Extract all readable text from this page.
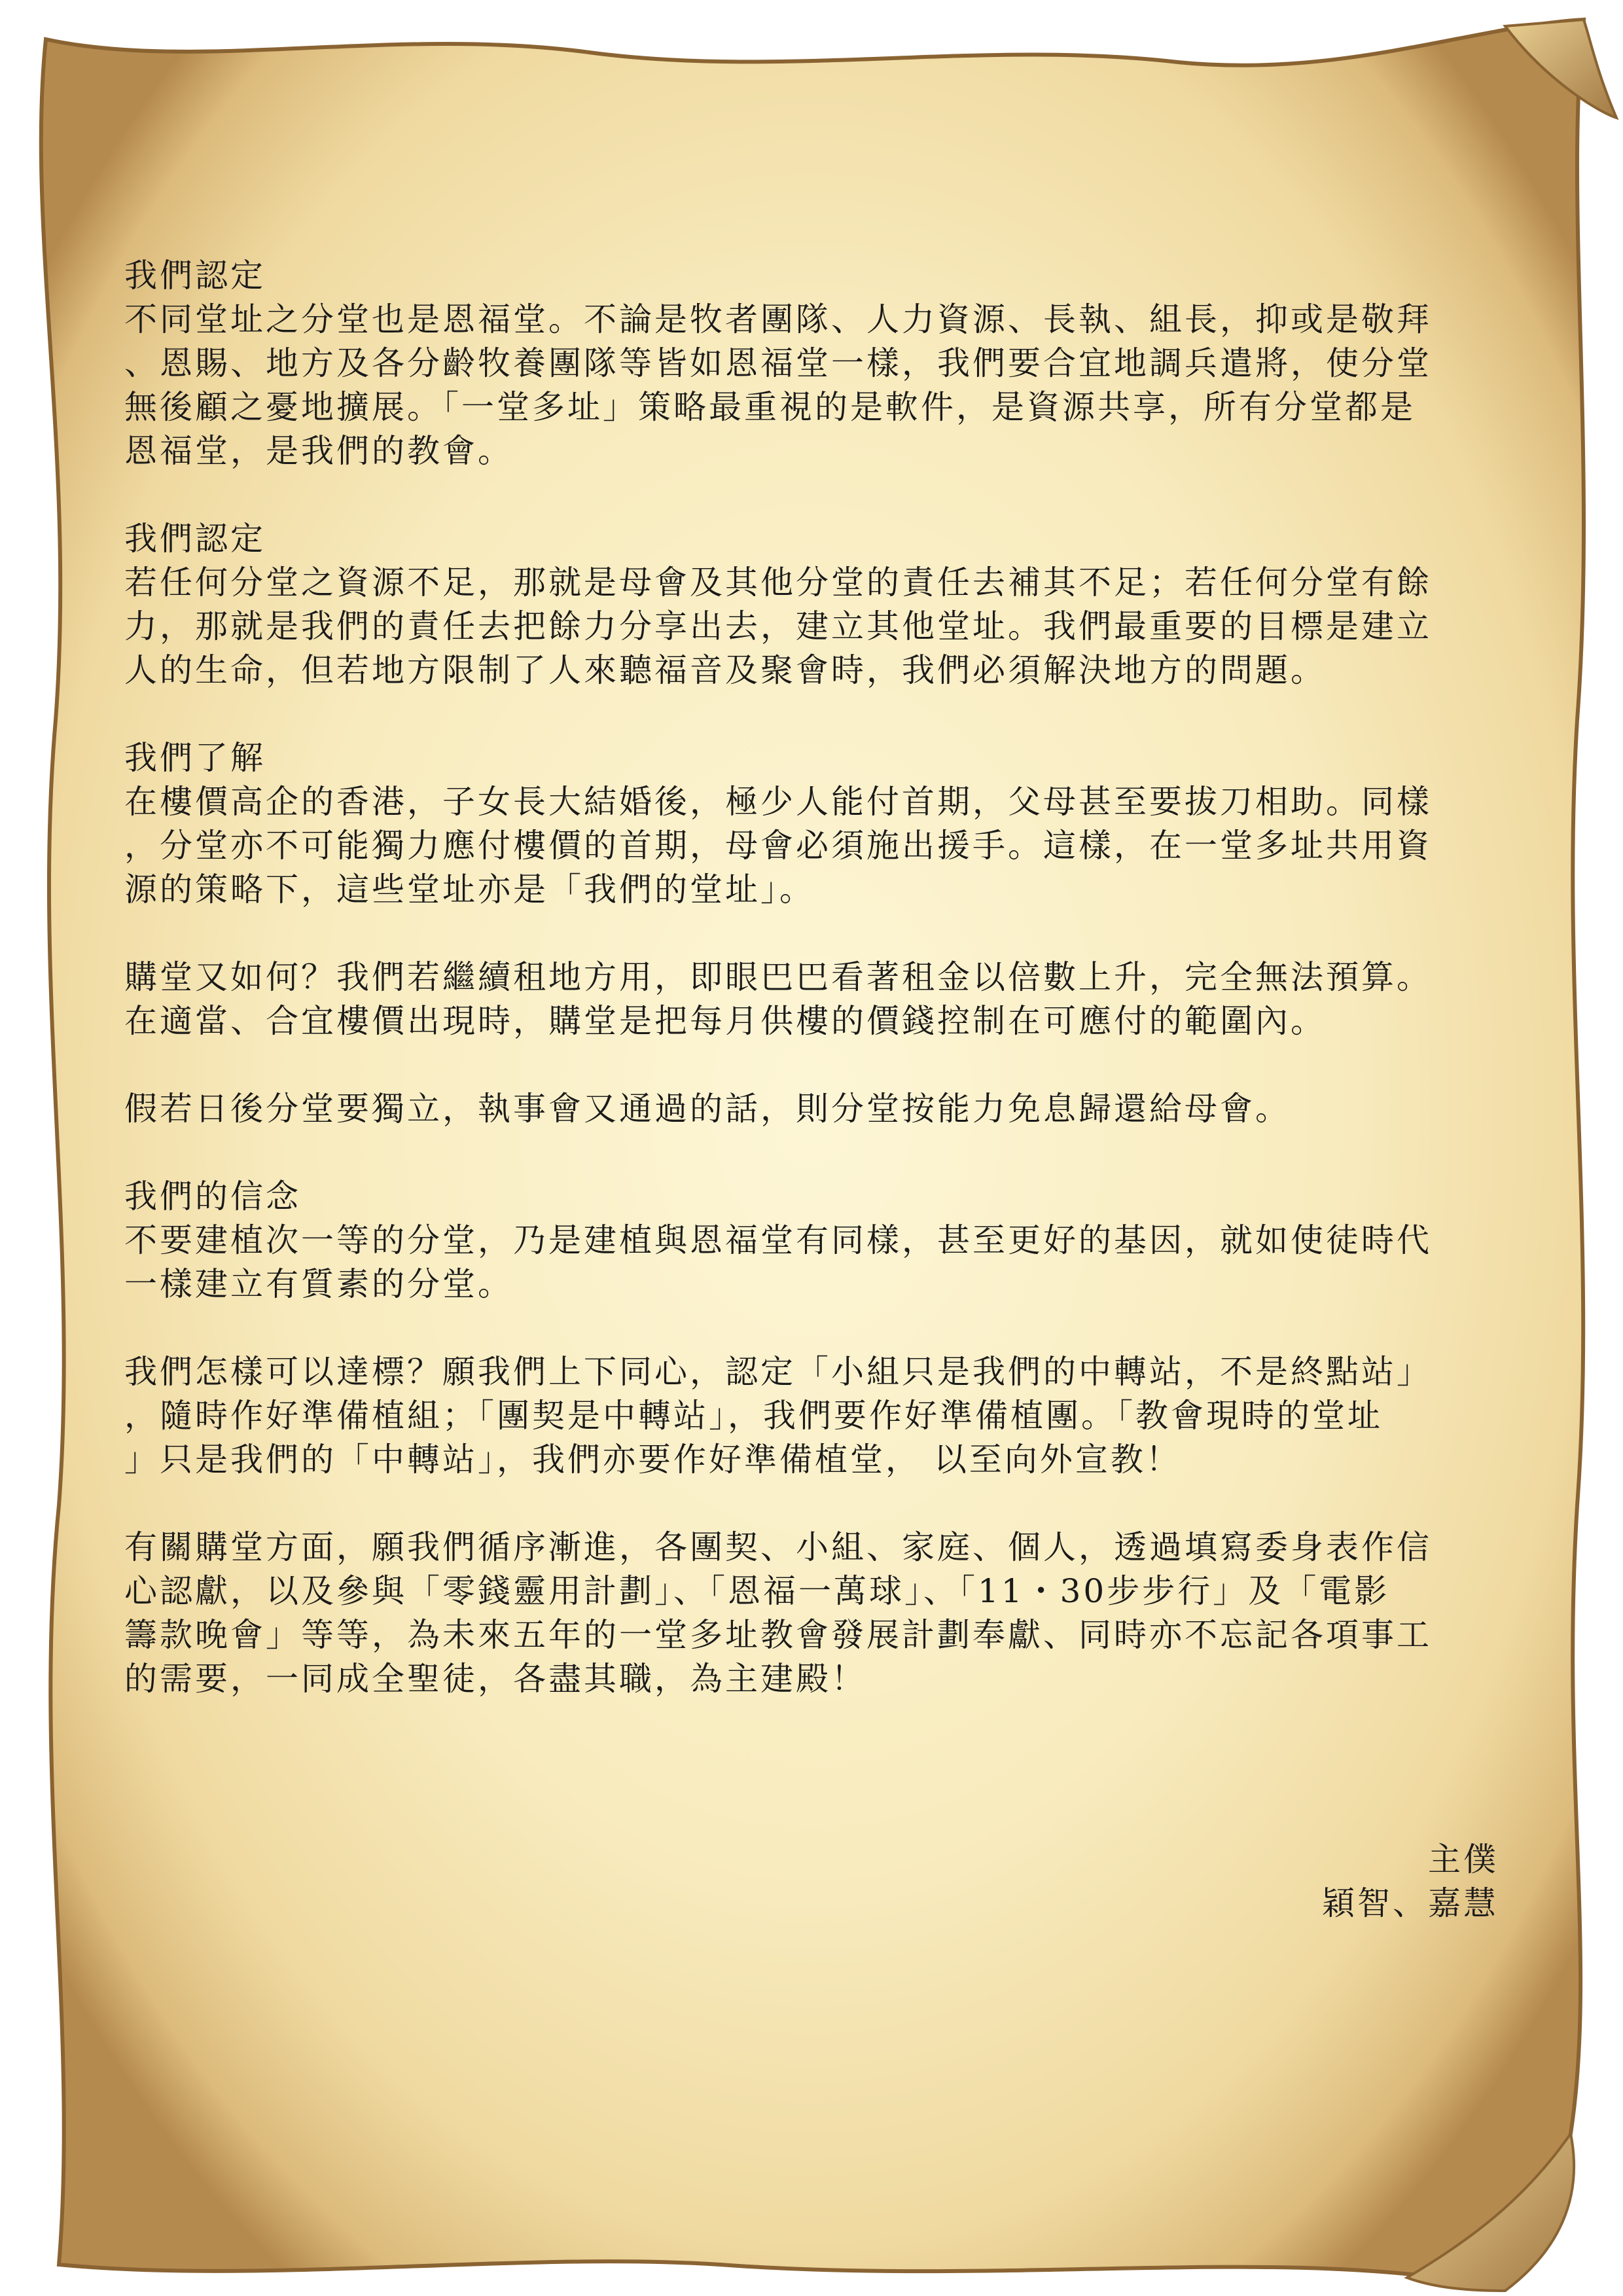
我們認定
不同堂址之分堂也是恩福堂。不論是牧者團隊、人力資源、長執、組長，抑或是敬拜
、恩賜、地方及各分齡牧養團隊等皆如恩福堂一樣，我們要合宜地調兵遣將，使分堂
無後顧之憂地擴展。「一堂多址」策略最重視的是軟件，是資源共享，所有分堂都是
恩福堂，是我們的教會。
我們認定
若任何分堂之資源不足，那就是母會及其他分堂的責任去補其不足；若任何分堂有餘
力，那就是我們的責任去把餘力分享出去，建立其他堂址。我們最重要的目標是建立
人的生命，但若地方限制了人來聽福音及聚會時，我們必須解決地方的問題。
我們了解
在樓價高企的香港，子女長大結婚後，極少人能付首期，父母甚至要拔刀相助。同樣
，分堂亦不可能獨力應付樓價的首期，母會必須施出援手。這樣，在一堂多址共用資
源的策略下，這些堂址亦是「我們的堂址」。
購堂又如何？我們若繼續租地方用，即眼巴巴看著租金以倍數上升，完全無法預算。
在適當、合宜樓價出現時，購堂是把每月供樓的價錢控制在可應付的範圍內。
假若日後分堂要獨立，執事會又通過的話，則分堂按能力免息歸還給母會。
我們的信念
不要建植次一等的分堂，乃是建植與恩福堂有同樣，甚至更好的基因，就如使徒時代
一樣建立有質素的分堂。
我們怎樣可以達標？願我們上下同心，認定「小組只是我們的中轉站，不是終點站」
，隨時作好準備植組；「團契是中轉站」，我們要作好準備植團。「教會現時的堂址
」只是我們的「中轉站」，我們亦要作好準備植堂， 以至向外宣教！
有關購堂方面，願我們循序漸進，各團契、小組、家庭、個人，透過填寫委身表作信
心認獻，以及參與「零錢靈用計劃」、「恩福一萬球」、「11・30步步行」及「電影
籌款晚會」等等，為未來五年的一堂多址教會發展計劃奉獻、同時亦不忘記各項事工
的需要，一同成全聖徒，各盡其職，為主建殿！
主僕
穎智、嘉慧
